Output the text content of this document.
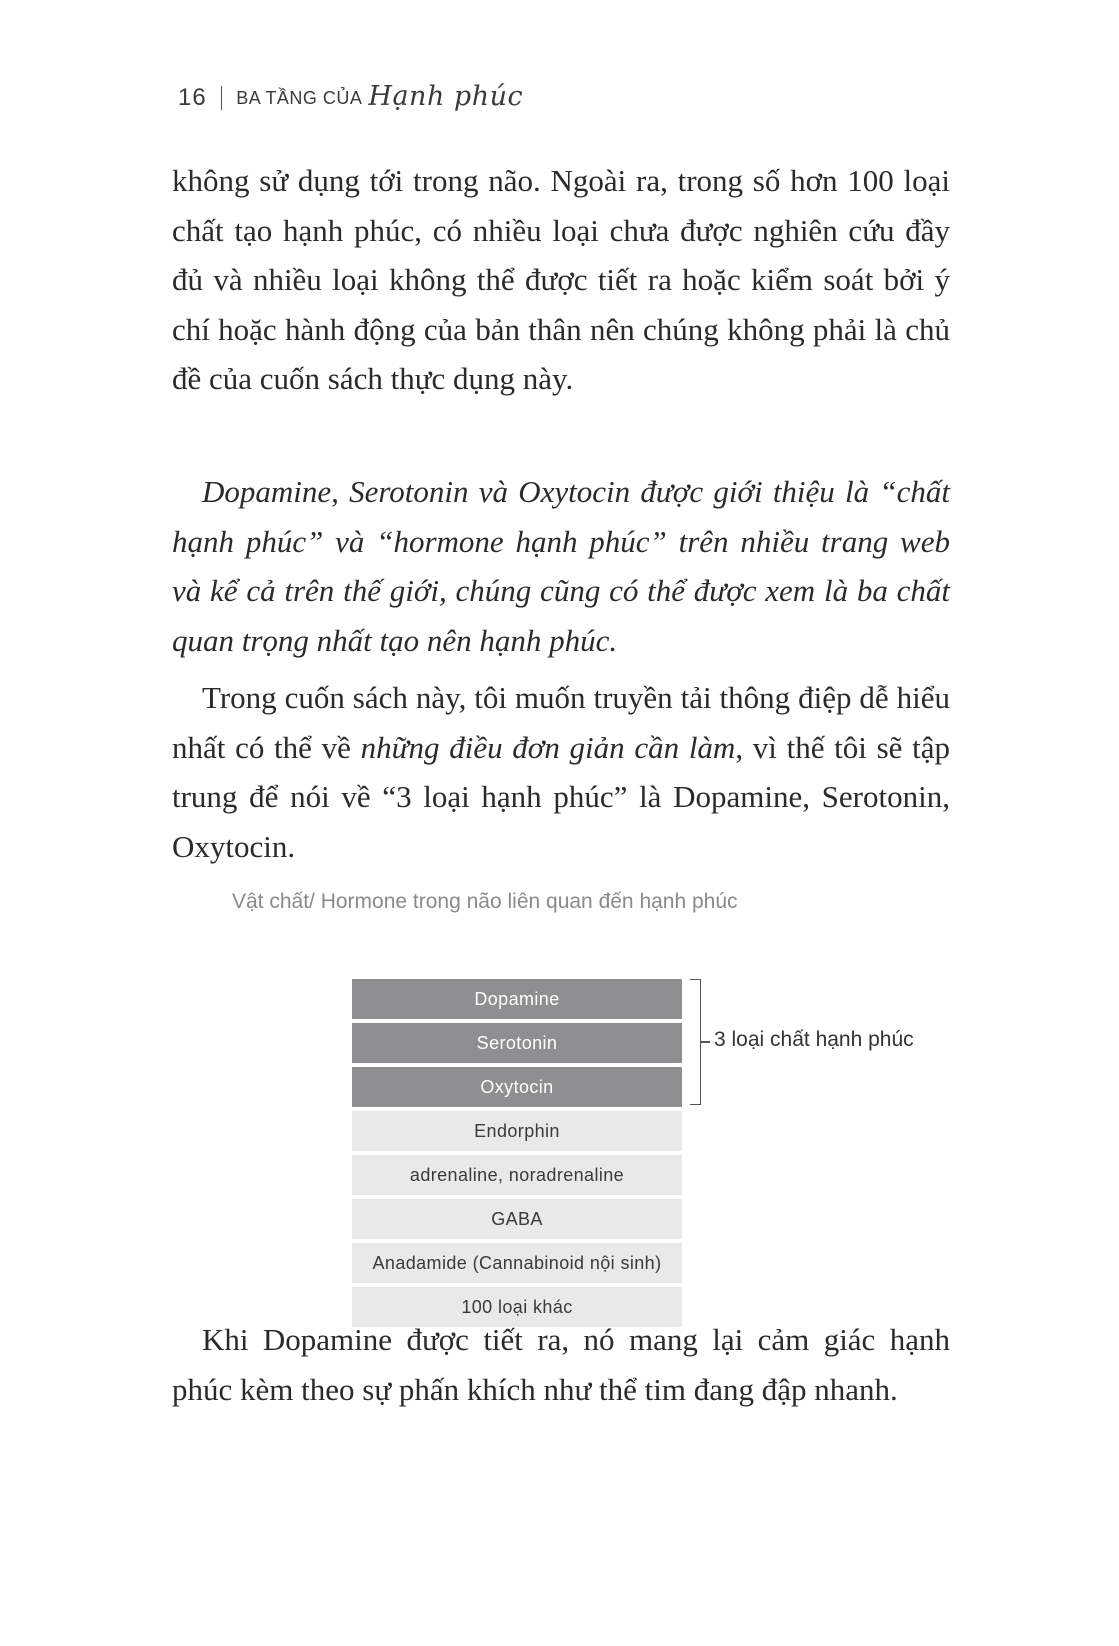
16 BA TẦNG CỦA Hạnh phúc
không sử dụng tới trong não. Ngoài ra, trong số hơn 100 loại chất tạo hạnh phúc, có nhiều loại chưa được nghiên cứu đầy đủ và nhiều loại không thể được tiết ra hoặc kiểm soát bởi ý chí hoặc hành động của bản thân nên chúng không phải là chủ đề của cuốn sách thực dụng này.
Dopamine, Serotonin và Oxytocin được giới thiệu là “chất hạnh phúc” và “hormone hạnh phúc” trên nhiều trang web và kể cả trên thế giới, chúng cũng có thể được xem là ba chất quan trọng nhất tạo nên hạnh phúc.
Trong cuốn sách này, tôi muốn truyền tải thông điệp dễ hiểu nhất có thể về những điều đơn giản cần làm, vì thế tôi sẽ tập trung để nói về “3 loại hạnh phúc” là Dopamine, Serotonin, Oxytocin.
Vật chất/ Hormone trong não liên quan đến hạnh phúc
Dopamine
Serotonin
Oxytocin
Endorphin
adrenaline, noradrenaline
GABA
Anadamide (Cannabinoid nội sinh)
100 loại khác
3 loại chất hạnh phúc
Khi Dopamine được tiết ra, nó mang lại cảm giác hạnh phúc kèm theo sự phấn khích như thể tim đang đập nhanh.
